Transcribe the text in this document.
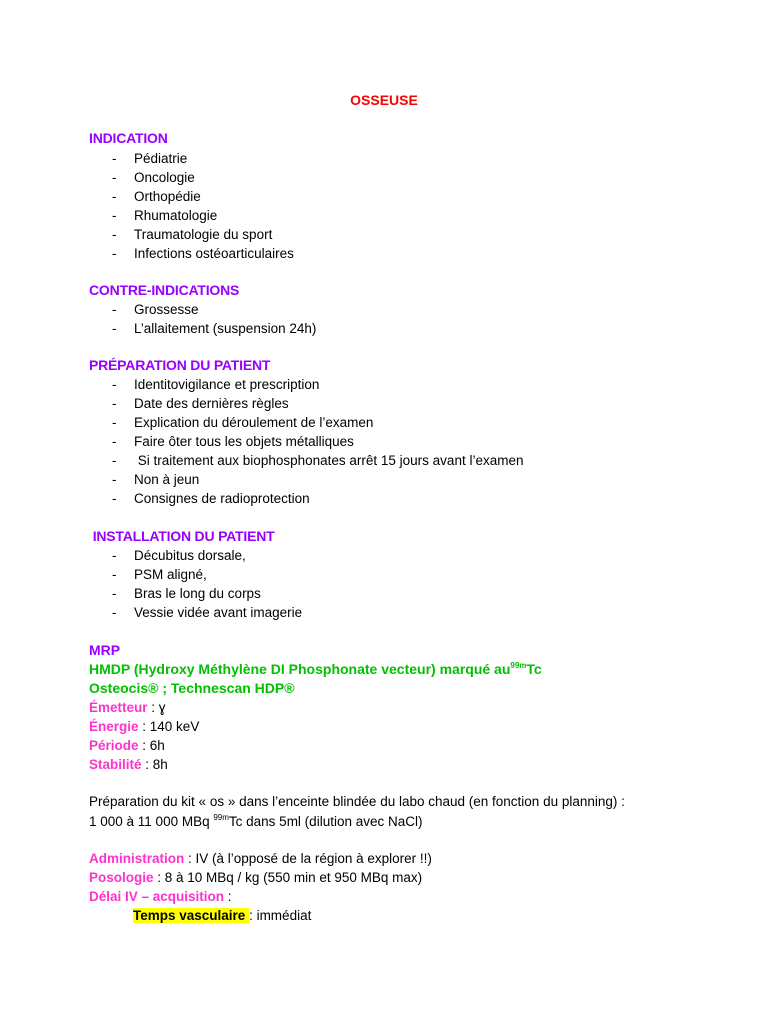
OSSEUSE
INDICATION
- Pédiatrie
- Oncologie
- Orthopédie
- Rhumatologie
- Traumatologie du sport
- Infections ostéoarticulaires
CONTRE-INDICATIONS
- Grossesse
- L’allaitement (suspension 24h)
PRÉPARATION DU PATIENT
- Identitovigilance et prescription
- Date des dernières règles
- Explication du déroulement de l’examen
- Faire ôter tous les objets métalliques
- Si traitement aux biophosphonates arrêt 15 jours avant l’examen
- Non à jeun
- Consignes de radioprotection
INSTALLATION DU PATIENT
- Décubitus dorsale,
- PSM aligné,
- Bras le long du corps
- Vessie vidée avant imagerie
MRP
HMDP (Hydroxy Méthylène DI Phosphonate vecteur) marqué $au^{99m}Tc$
Osteocis® ; Technescan HDP®
Émetteur : ɣ
Énergie : 140 keV
Période : 6h
Stabilité : 8h
Préparation du kit « os » dans l’enceinte blindée du labo chaud (en fonction du planning) :
1 000 à 11 000 MBq $^{99m}$Tc dans 5ml (dilution avec NaCl)
Administration : IV (à l’opposé de la région à explorer !!)
Posologie : 8 à 10 MBq / kg (550 min et 950 MBq max)
Délai IV – acquisition :
Temps vasculaire : immédiat
